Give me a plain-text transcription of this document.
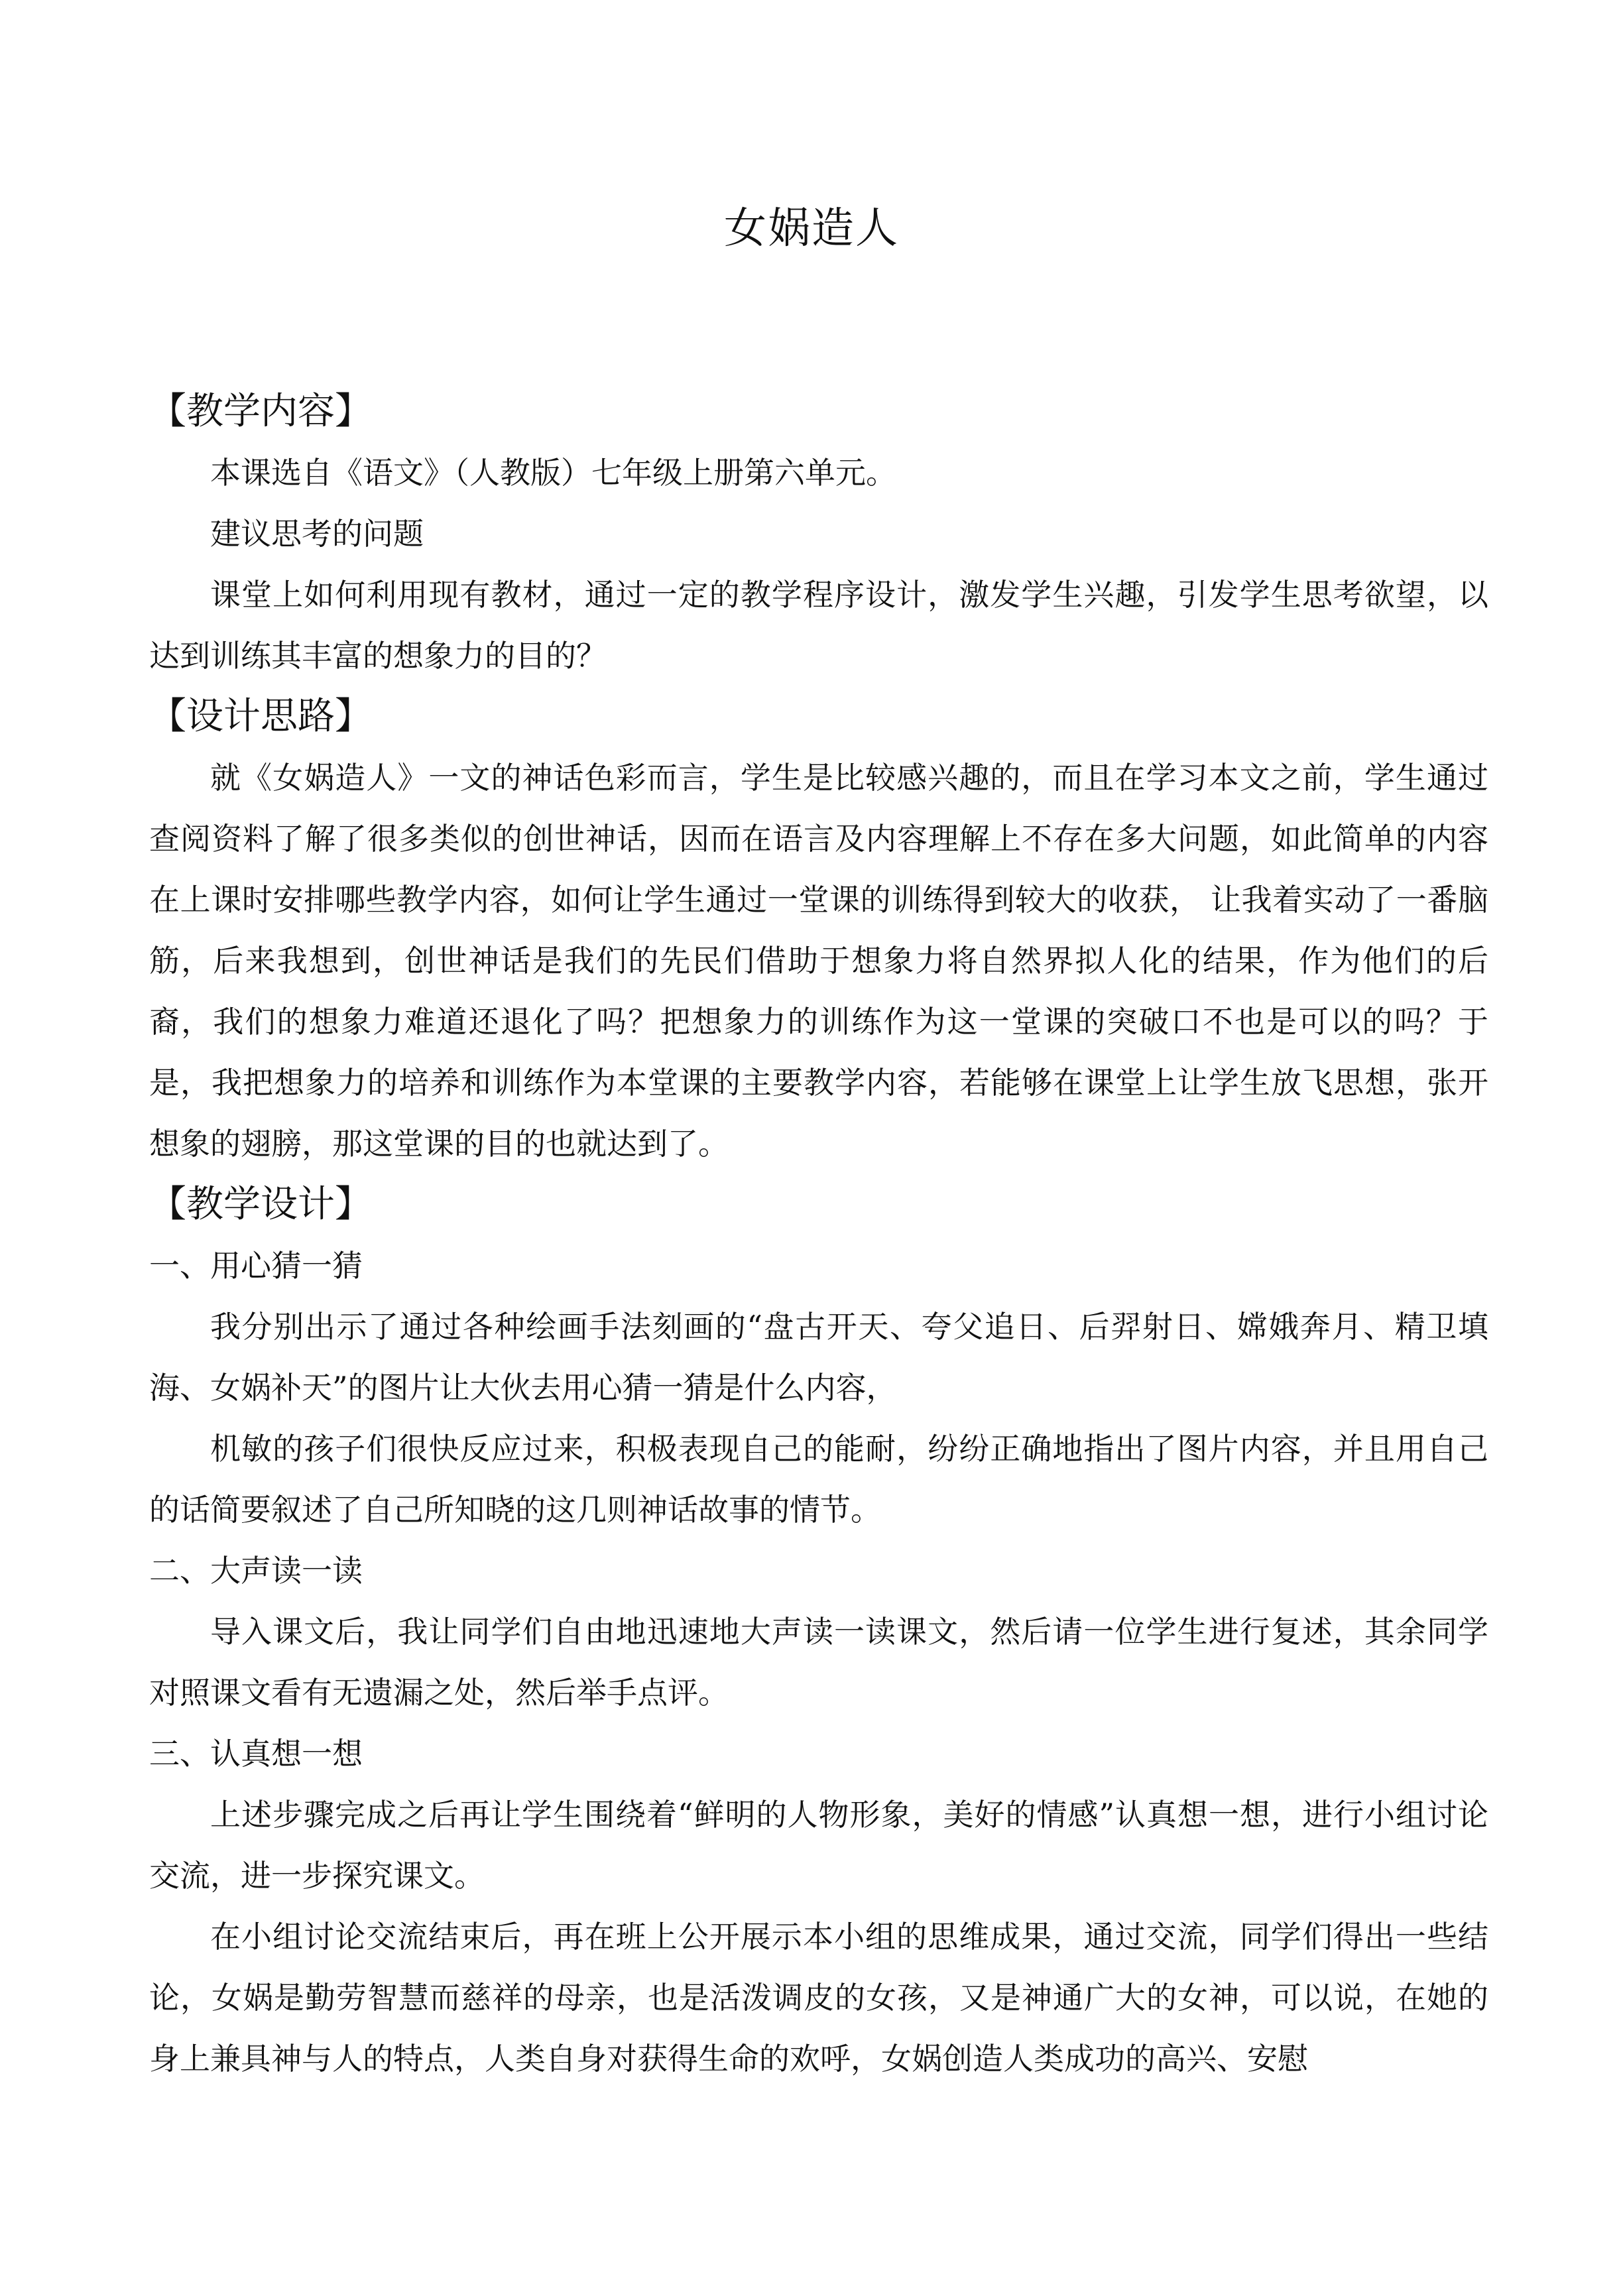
女娲造人

【教学内容】

本课选自《语文》（人教版）七年级上册第六单元。

建议思考的问题

课堂上如何利用现有教材，通过一定的教学程序设计，激发学生兴趣，引发学生思考欲望，以达到训练其丰富的想象力的目的？

【设计思路】

就《女娲造人》一文的神话色彩而言，学生是比较感兴趣的，而且在学习本文之前，学生通过查阅资料了解了很多类似的创世神话，因而在语言及内容理解上不存在多大问题，如此简单的内容在上课时安排哪些教学内容，如何让学生通过一堂课的训练得到较大的收获， 让我着实动了一番脑筋，后来我想到，创世神话是我们的先民们借助于想象力将自然界拟人化的结果，作为他们的后裔，我们的想象力难道还退化了吗？把想象力的训练作为这一堂课的突破口不也是可以的吗？于是，我把想象力的培养和训练作为本堂课的主要教学内容，若能够在课堂上让学生放飞思想，张开想象的翅膀，那这堂课的目的也就达到了。

【教学设计】

一、用心猜一猜

我分别出示了通过各种绘画手法刻画的“盘古开天、夸父追日、后羿射日、嫦娥奔月、精卫填海、女娲补天”的图片让大伙去用心猜一猜是什么内容，

机敏的孩子们很快反应过来，积极表现自己的能耐，纷纷正确地指出了图片内容，并且用自己的话简要叙述了自己所知晓的这几则神话故事的情节。

二、大声读一读

导入课文后，我让同学们自由地迅速地大声读一读课文，然后请一位学生进行复述，其余同学对照课文看有无遗漏之处，然后举手点评。

三、认真想一想

上述步骤完成之后再让学生围绕着“鲜明的人物形象，美好的情感”认真想一想，进行小组讨论交流，进一步探究课文。

在小组讨论交流结束后，再在班上公开展示本小组的思维成果，通过交流，同学们得出一些结论，女娲是勤劳智慧而慈祥的母亲，也是活泼调皮的女孩，又是神通广大的女神，可以说，在她的身上兼具神与人的特点，人类自身对获得生命的欢呼，女娲创造人类成功的高兴、安慰
